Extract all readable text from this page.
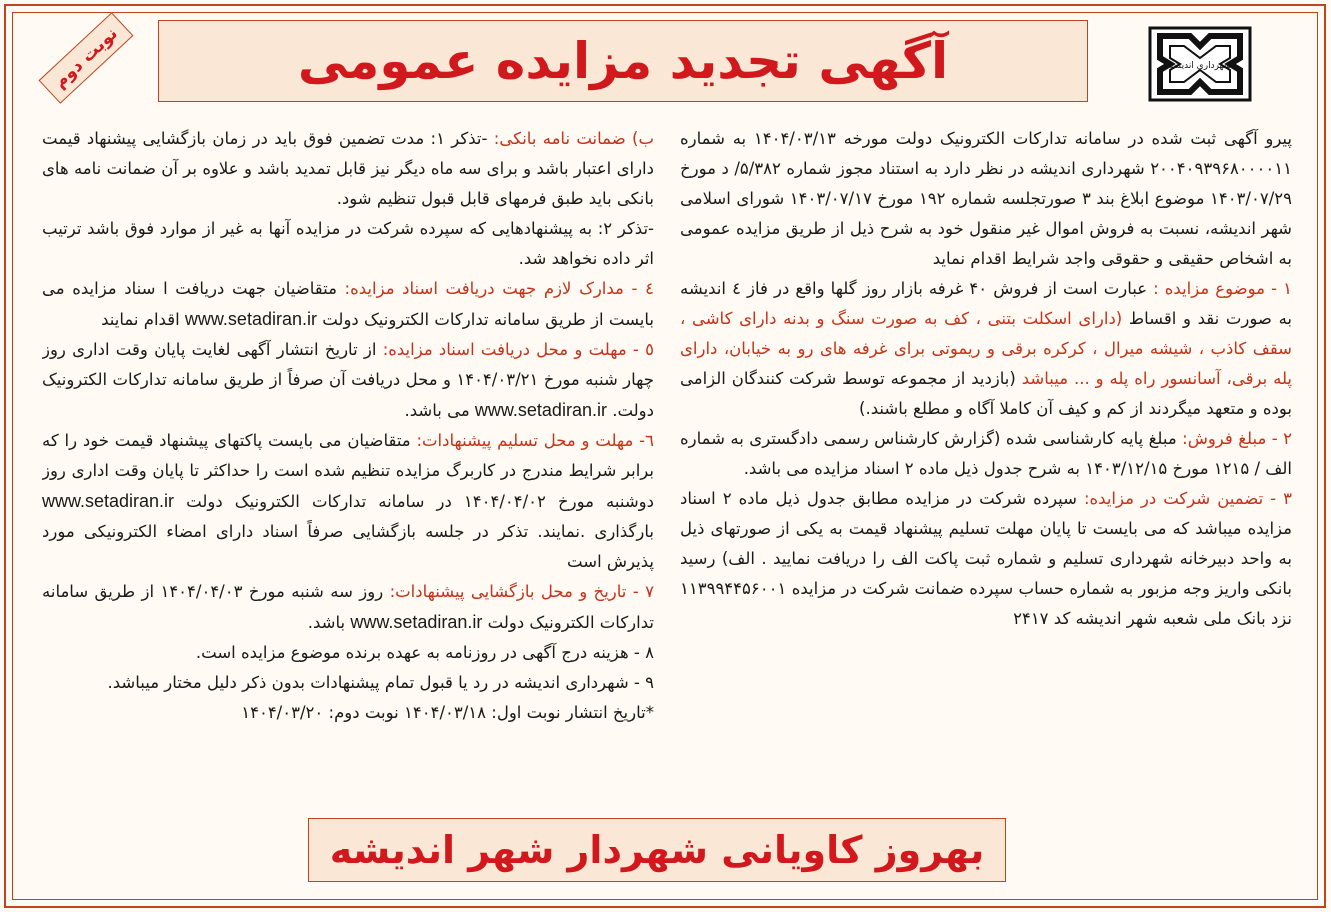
نوبت دوم	آگهی تجدید مزایده عمومی	شهرداری اندیشه

پیرو آگهی ثبت شده در سامانه تدارکات الکترونیک دولت مورخه ۱۴۰۴/۰۳/۱۳ به شماره ۲۰۰۴۰۹۳۹۶۸۰۰۰۰۱۱ شهرداری اندیشه در نظر دارد به استناد مجوز شماره ۵/۳۸۲/ د مورخ ۱۴۰۳/۰۷/۲۹ موضوع ابلاغ بند ۳ صورتجلسه شماره ۱۹۲ مورخ ۱۴۰۳/۰۷/۱۷ شورای اسلامی شهر اندیشه، نسبت به فروش اموال غیر منقول خود به شرح ذیل از طریق مزایده عمومی به اشخاص حقیقی و حقوقی واجد شرایط اقدام نماید

۱ - موضوع مزایده : عبارت است از فروش ۴۰ غرفه بازار روز گلها واقع در فاز ٤ اندیشه به صورت نقد و اقساط (دارای اسکلت بتنی ، کف به صورت سنگ و بدنه دارای کاشی ، سقف کاذب ، شیشه میرال ، کرکره برقی و ریموتی برای غرفه های رو به خیابان، دارای پله برقی، آسانسور راه پله و ... میباشد (بازدید از مجموعه توسط شرکت کنندگان الزامی بوده و متعهد میگردند از کم و کیف آن کاملا آگاه و مطلع باشند.)

۲ - مبلغ فروش: مبلغ پایه کارشناسی شده (گزارش کارشناس رسمی دادگستری به شماره الف / ۱۲۱۵ مورخ ۱۴۰۳/۱۲/۱۵ به شرح جدول ذیل ماده ۲ اسناد مزایده می باشد.

۳ - تضمین شرکت در مزایده: سپرده شرکت در مزایده مطابق جدول ذیل ماده ۲ اسناد مزایده میباشد که می بایست تا پایان مهلت تسلیم پیشنهاد قیمت به یکی از صورتهای ذیل به واحد دبیرخانه شهرداری تسلیم و شماره ثبت پاکت الف را دریافت نمایید . الف) رسید بانکی واریز وجه مزبور به شماره حساب سپرده ضمانت شرکت در مزایده ۱۱۳۹۹۴۴۵۶۰۰۱ نزد بانک ملی شعبه شهر اندیشه کد ۲۴۱۷

ب) ضمانت نامه بانکی: -تذکر ۱: مدت تضمین فوق باید در زمان بازگشایی پیشنهاد قیمت دارای اعتبار باشد و برای سه ماه دیگر نیز قابل تمدید باشد و علاوه بر آن ضمانت نامه های بانکی باید طبق فرمهای قابل قبول تنظیم شود.

-تذکر ۲: به پیشنهادهایی که سپرده شرکت در مزایده آنها به غیر از موارد فوق باشد ترتیب اثر داده نخواهد شد.

٤ - مدارک لازم جهت دریافت اسناد مزایده: متقاضیان جهت دریافت ا سناد مزایده می بایست از طریق سامانه تدارکات الکترونیک دولت www.setadiran.ir اقدام نمایند

٥ - مهلت و محل دریافت اسناد مزایده: از تاریخ انتشار آگهی لغایت پایان وقت اداری روز چهار شنبه مورخ ۱۴۰۴/۰۳/۲۱ و محل دریافت آن صرفاً از طریق سامانه تدارکات الکترونیک دولت. www.setadiran.ir می باشد.

٦- مهلت و محل تسلیم پیشنهادات: متقاضیان می بایست پاکتهای پیشنهاد قیمت خود را که برابر شرایط مندرج در کاربرگ مزایده تنظیم شده است را حداکثر تا پایان وقت اداری روز دوشنبه مورخ ۱۴۰۴/۰۴/۰۲ در سامانه تدارکات الکترونیک دولت www.setadiran.ir بارگذاری .نمایند. تذکر در جلسه بازگشایی صرفاً اسناد دارای امضاء الکترونیکی مورد پذیرش است

۷ - تاریخ و محل بازگشایی پیشنهادات: روز سه شنبه مورخ ۱۴۰۴/۰۴/۰۳ از طریق سامانه تدارکات الکترونیک دولت www.setadiran.ir باشد.

۸ - هزینه درج آگهی در روزنامه به عهده برنده موضوع مزایده است.

۹ - شهرداری اندیشه در رد یا قبول تمام پیشنهادات بدون ذکر دلیل مختار میباشد.

*تاریخ انتشار نوبت اول: ۱۴۰۴/۰۳/۱۸ نوبت دوم: ۱۴۰۴/۰۳/۲۰

بهروز کاویانی شهردار شهر اندیشه
